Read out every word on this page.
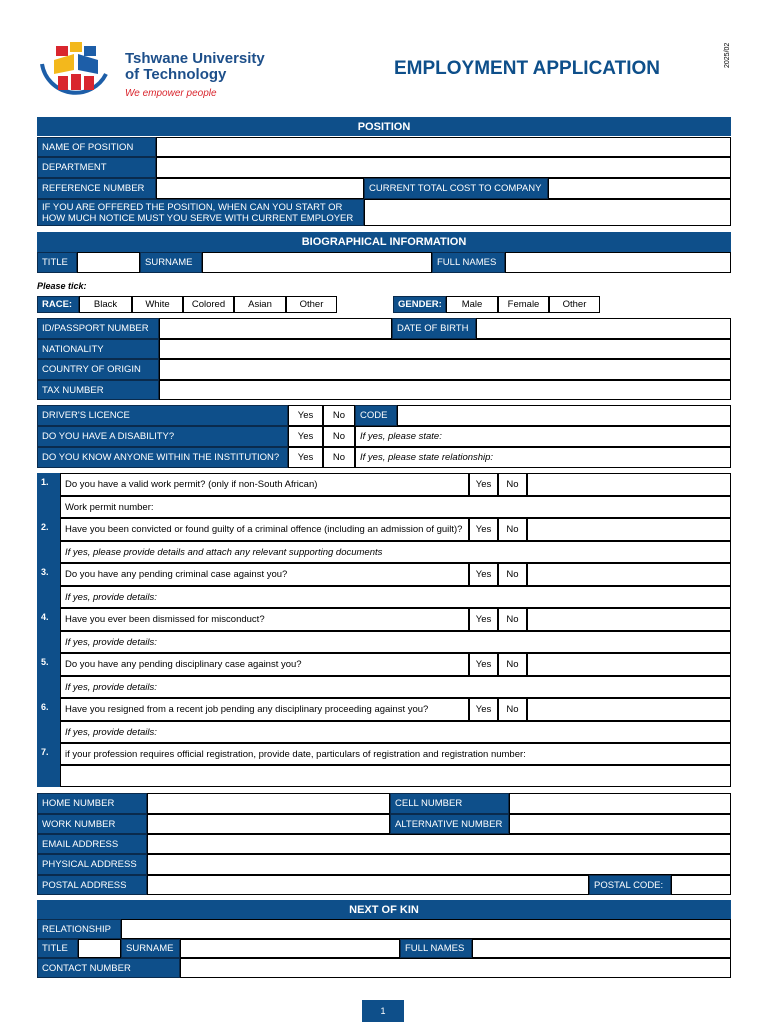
Tshwane University
of Technology
We empower people
EMPLOYMENT APPLICATION
2025/02
POSITION
NAME OF POSITION
DEPARTMENT
REFERENCE NUMBER	CURRENT TOTAL COST TO COMPANY
IF YOU ARE OFFERED THE POSITION, WHEN CAN YOU START OR
HOW MUCH NOTICE MUST YOU SERVE WITH CURRENT EMPLOYER
BIOGRAPHICAL INFORMATION
TITLE	SURNAME	FULL NAMES
Please tick:
RACE:	Black	White	Colored	Asian	Other	GENDER:	Male	Female	Other
ID/PASSPORT NUMBER	DATE OF BIRTH
NATIONALITY
COUNTRY OF ORIGIN
TAX NUMBER
DRIVER'S LICENCE	Yes	No	CODE
DO YOU HAVE A DISABILITY?	Yes	No	If yes, please state:
DO YOU KNOW ANYONE WITHIN THE INSTITUTION?	Yes	No	If yes, please state relationship:
1.	Do you have a valid work permit? (only if non-South African)	Yes	No
Work permit number:
2.	Have you been convicted or found guilty of a criminal offence (including an admission of guilt)?	Yes	No
If yes, please provide details and attach any relevant supporting documents
3.	Do you have any pending criminal case against you?	Yes	No
If yes, provide details:
4.	Have you ever been dismissed for misconduct?	Yes	No
If yes, provide details:
5.	Do you have any pending disciplinary case against you?	Yes	No
If yes, provide details:
6.	Have you resigned from a recent job pending any disciplinary proceeding against you?	Yes	No
If yes, provide details:
7.	if your profession requires official registration, provide date, particulars of registration and registration number:
HOME NUMBER	CELL NUMBER
WORK NUMBER	ALTERNATIVE NUMBER
EMAIL ADDRESS
PHYSICAL ADDRESS
POSTAL ADDRESS	POSTAL CODE:
NEXT OF KIN
RELATIONSHIP
TITLE	SURNAME	FULL NAMES
CONTACT NUMBER
1
